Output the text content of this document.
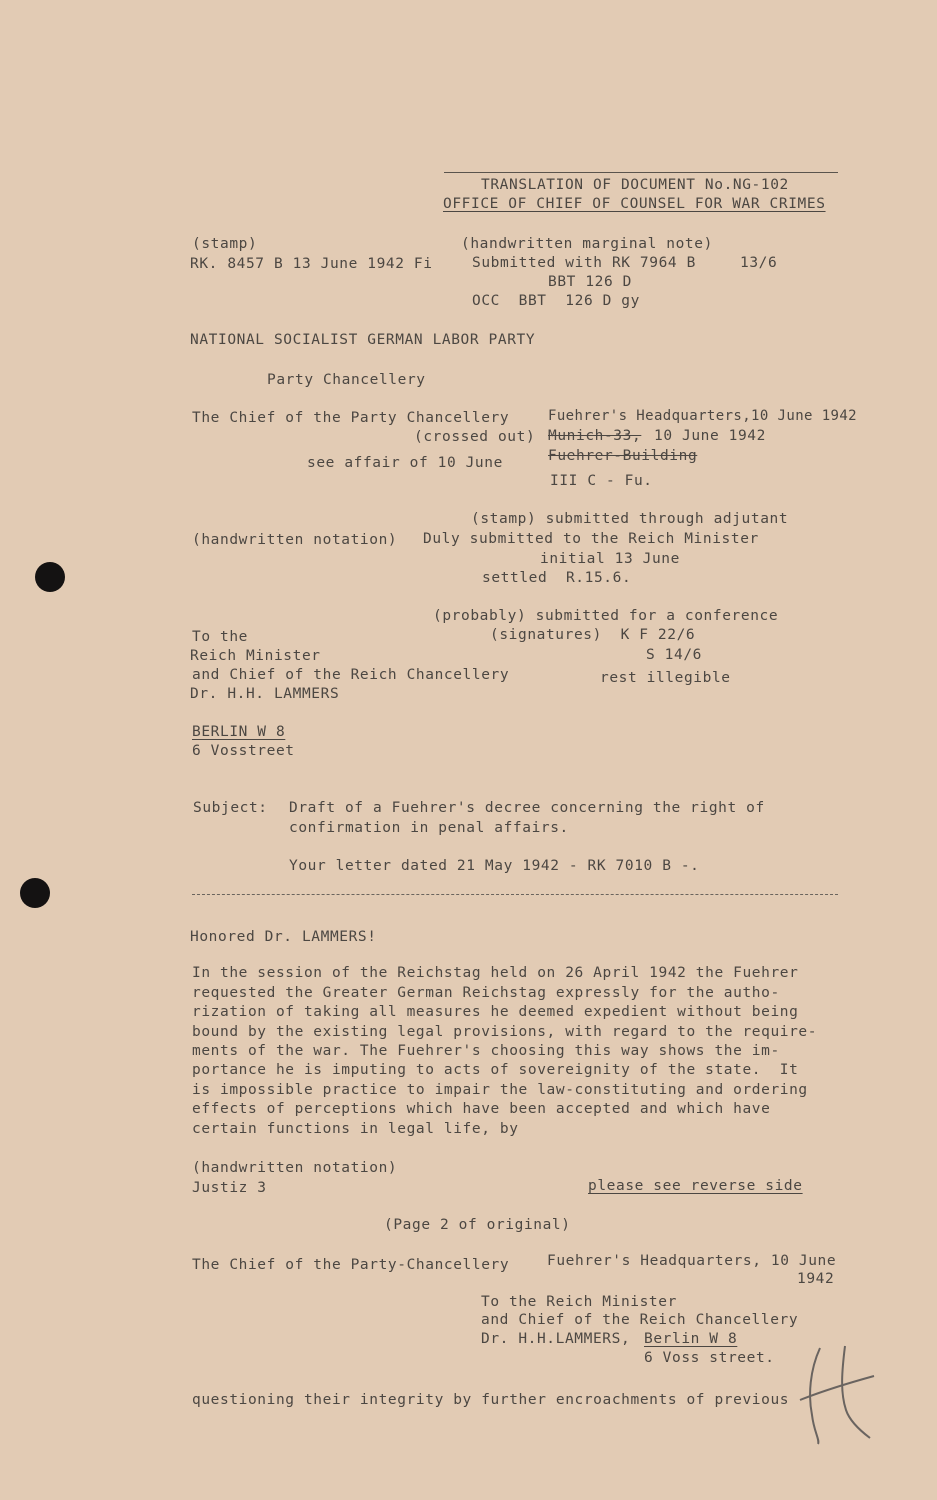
TRANSLATION OF DOCUMENT No.NG-102
OFFICE OF CHIEF OF COUNSEL FOR WAR CRIMES
(stamp)
RK. 8457 B 13 June 1942 Fi
(handwritten marginal note)
Submitted with RK 7964 B	13/6
BBT 126 D
OCC  BBT  126 D gy
NATIONAL SOCIALIST GERMAN LABOR PARTY
Party Chancellery
The Chief of the Party Chancellery
(crossed out)
see affair of 10 June
Fuehrer's Headquarters,10 June 1942
Munich-33, 10 June 1942
Fuehrer-Building
III C - Fu.
(stamp) submitted through adjutant
(handwritten notation) Duly submitted to the Reich Minister
initial 13 June
settled  R.15.6.
(probably) submitted for a conference
(signatures)  K F 22/6
S 14/6
rest illegible
To the
Reich Minister
and Chief of the Reich Chancellery
Dr. H.H. LAMMERS
BERLIN W 8
6 Vosstreet
Subject: Draft of a Fuehrer's decree concerning the right of
confirmation in penal affairs.
Your letter dated 21 May 1942 - RK 7010 B -.
Honored Dr. LAMMERS!
In the session of the Reichstag held on 26 April 1942 the Fuehrer
requested the Greater German Reichstag expressly for the autho-
rization of taking all measures he deemed expedient without being
bound by the existing legal provisions, with regard to the require-
ments of the war. The Fuehrer's choosing this way shows the im-
portance he is imputing to acts of sovereignity of the state.  It
is impossible practice to impair the law-constituting and ordering
effects of perceptions which have been accepted and which have
certain functions in legal life, by
(handwritten notation)
Justiz 3	please see reverse side
(Page 2 of original)
The Chief of the Party-Chancellery	Fuehrer's Headquarters, 10 June
1942
To the Reich Minister
and Chief of the Reich Chancellery
Dr. H.H.LAMMERS, Berlin W 8
6 Voss street.
questioning their integrity by further encroachments of previous
